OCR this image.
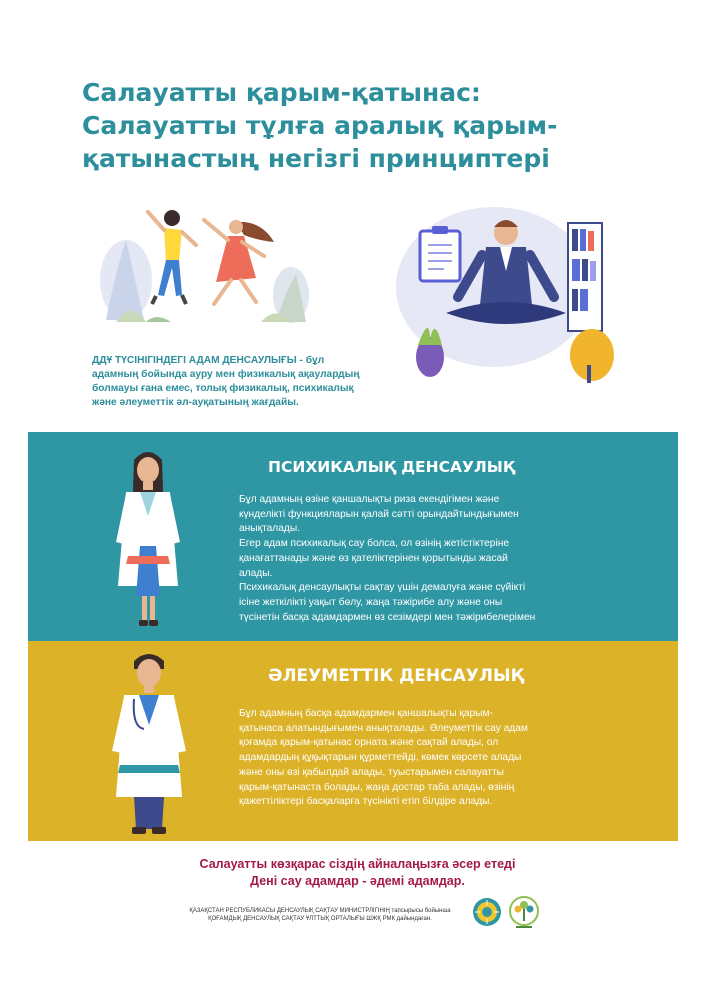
Салауатты қарым-қатынас:
Салауатты тұлға аралық қарым-
қатынастың негізгі принциптері
ДДҰ ТҮСІНІГІНДЕГІ АДАМ ДЕНСАУЛЫҒЫ - бұл
адамның бойында ауру мен физикалық ақаулардың
болмауы ғана емес, толық физикалық, психикалық
және әлеуметтік әл-ауқатының жағдайы.
ПСИХИКАЛЫҚ ДЕНСАУЛЫҚ
Бұл адамның өзіне қаншалықты риза екендігімен және
күнделікті функцияларын қалай сәтті орындайтындығымен
анықталады.
Егер адам психикалық сау болса, ол өзінің жетістіктеріне
қанағаттанады және өз қателіктерінен қорытынды жасай
алады.
Психикалық денсаулықты сақтау үшін демалуға және сүйікті
ісіне жеткілікті уақыт бөлу, жаңа тәжірибе алу және оны
түсінетін басқа адамдармен өз сезімдері мен тәжірибелерімен
ӘЛЕУМЕТТІК ДЕНСАУЛЫҚ
Бұл адамның басқа адамдармен қаншалықты қарым-
қатынаса алатындығымен анықталады. Әлеуметтік сау адам
қоғамда қарым-қатынас орната және сақтай алады, ол
адамдардың құқықтарын құрметтейді, көмек көрсете алады
және оны өзі қабылдай алады, туыстарымен салауатты
қарым-қатынаста болады, жаңа достар таба алады, өзінің
қажеттіліктері басқаларға түсінікті етіп білдіре алады.
Салауатты көзқарас сіздің айналаңызға әсер етеді
Дені сау адамдар - әдемі адамдар.
ҚАЗАҚСТАН РЕСПУБЛИКАСЫ ДЕНСАУЛЫҚ САҚТАУ МИНИСТРЛІГІНІҢ тапсырысы бойынша
ҚОҒАМДЫҚ ДЕНСАУЛЫҚ САҚТАУ ҰЛТТЫҚ ОРТАЛЫҒЫ ШЖҚ РМК дайындаған.
